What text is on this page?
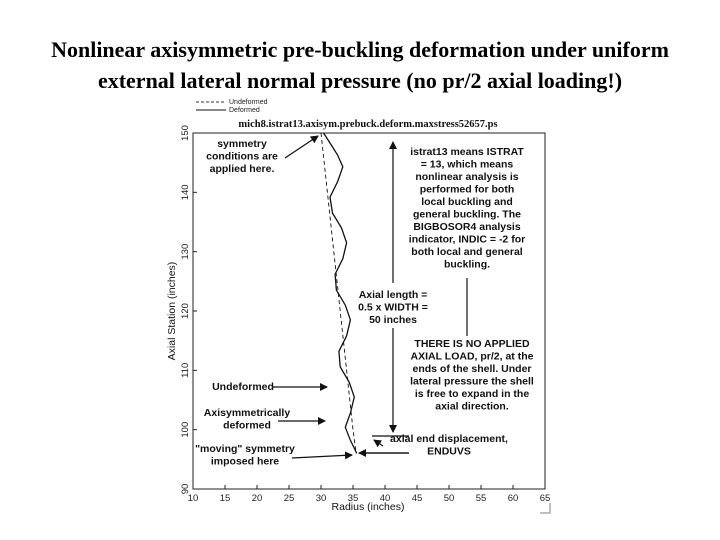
Nonlinear axisymmetric pre-buckling deformation under uniform
external lateral normal pressure (no pr/2 axial loading!)
10 15 20 25 30 35 40 45 50 55 60 65
90
100
110
120
130
140
150
symmetry
conditions are
applied here.
istrat13 means ISTRAT
= 13, which means
nonlinear analysis is
performed for both
local buckling and
general buckling. The
BIGBOSOR4 analysis
indicator, INDIC = -2 for
both local and general
buckling.
Axial length =
0.5 x WIDTH =
50 inches
THERE IS NO APPLIED
AXIAL LOAD, pr/2, at the
ends of the shell. Under
lateral pressure the shell
is free to expand in the
axial direction.
Undeformed
Axisymmetrically
deformed
axial end displacement,
ENDUVS
"moving" symmetry
imposed here
mich8.istrat13.axisym.prebuck.deform.maxstress52657.ps
Radius (inches)
Axial Station (inches)
Undeformed
Deformed
